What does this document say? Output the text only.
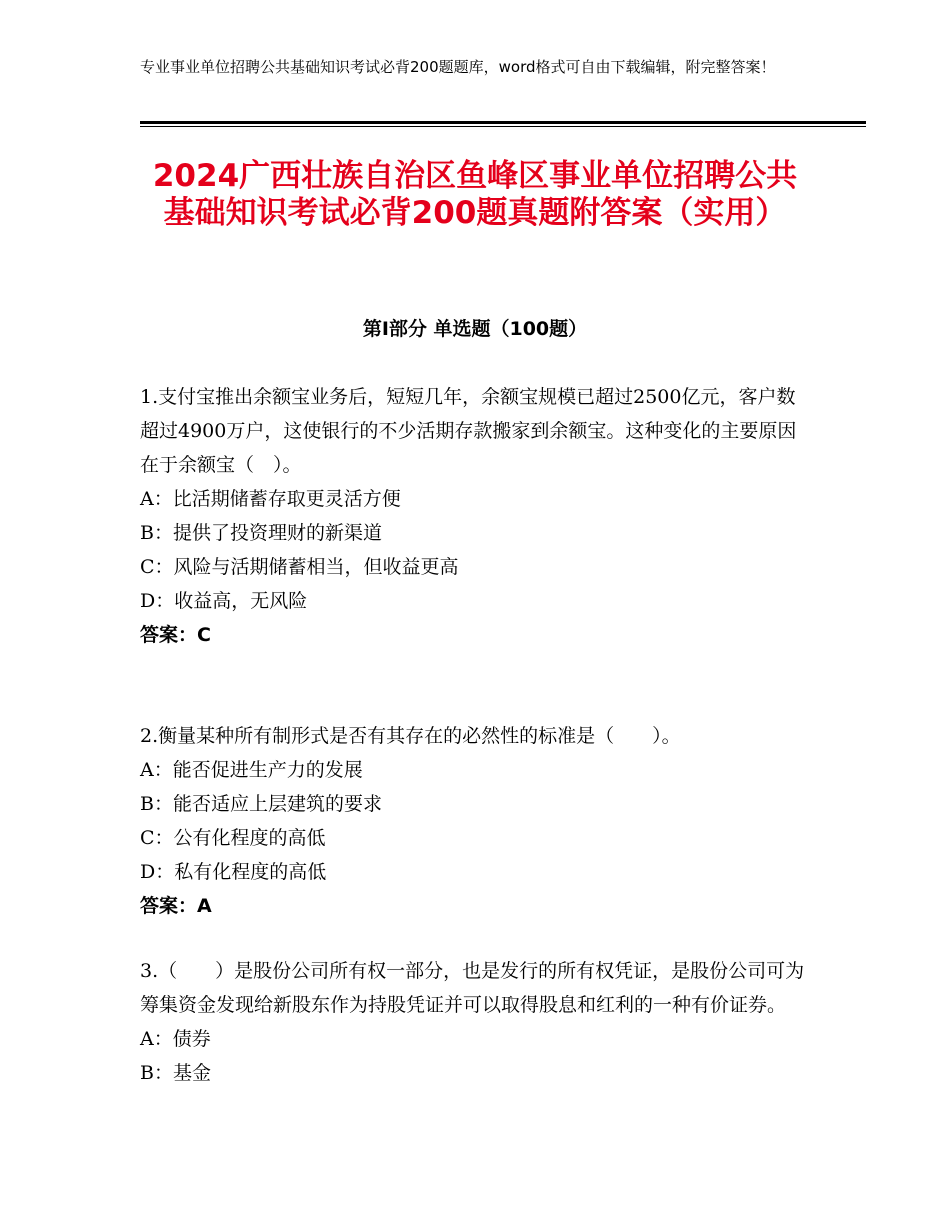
专业事业单位招聘公共基础知识考试必背200题题库，word格式可自由下载编辑，附完整答案！
2024广西壮族自治区鱼峰区事业单位招聘公共基础知识考试必背200题真题附答案（实用）
第Ⅰ部分 单选题（100题）

1.支付宝推出余额宝业务后，短短几年，余额宝规模已超过2500亿元，客户数超过4900万户，这使银行的不少活期存款搬家到余额宝。这种变化的主要原因在于余额宝（　）。

A：比活期储蓄存取更灵活方便

B：提供了投资理财的新渠道

C：风险与活期储蓄相当，但收益更高

D：收益高，无风险

答案：C

2.衡量某种所有制形式是否有其存在的必然性的标准是（　　）。

A：能否促进生产力的发展

B：能否适应上层建筑的要求

C：公有化程度的高低

D：私有化程度的高低

答案：A

3.（　　）是股份公司所有权一部分，也是发行的所有权凭证，是股份公司可为筹集资金发现给新股东作为持股凭证并可以取得股息和红利的一种有价证券。

A：债券

B：基金
